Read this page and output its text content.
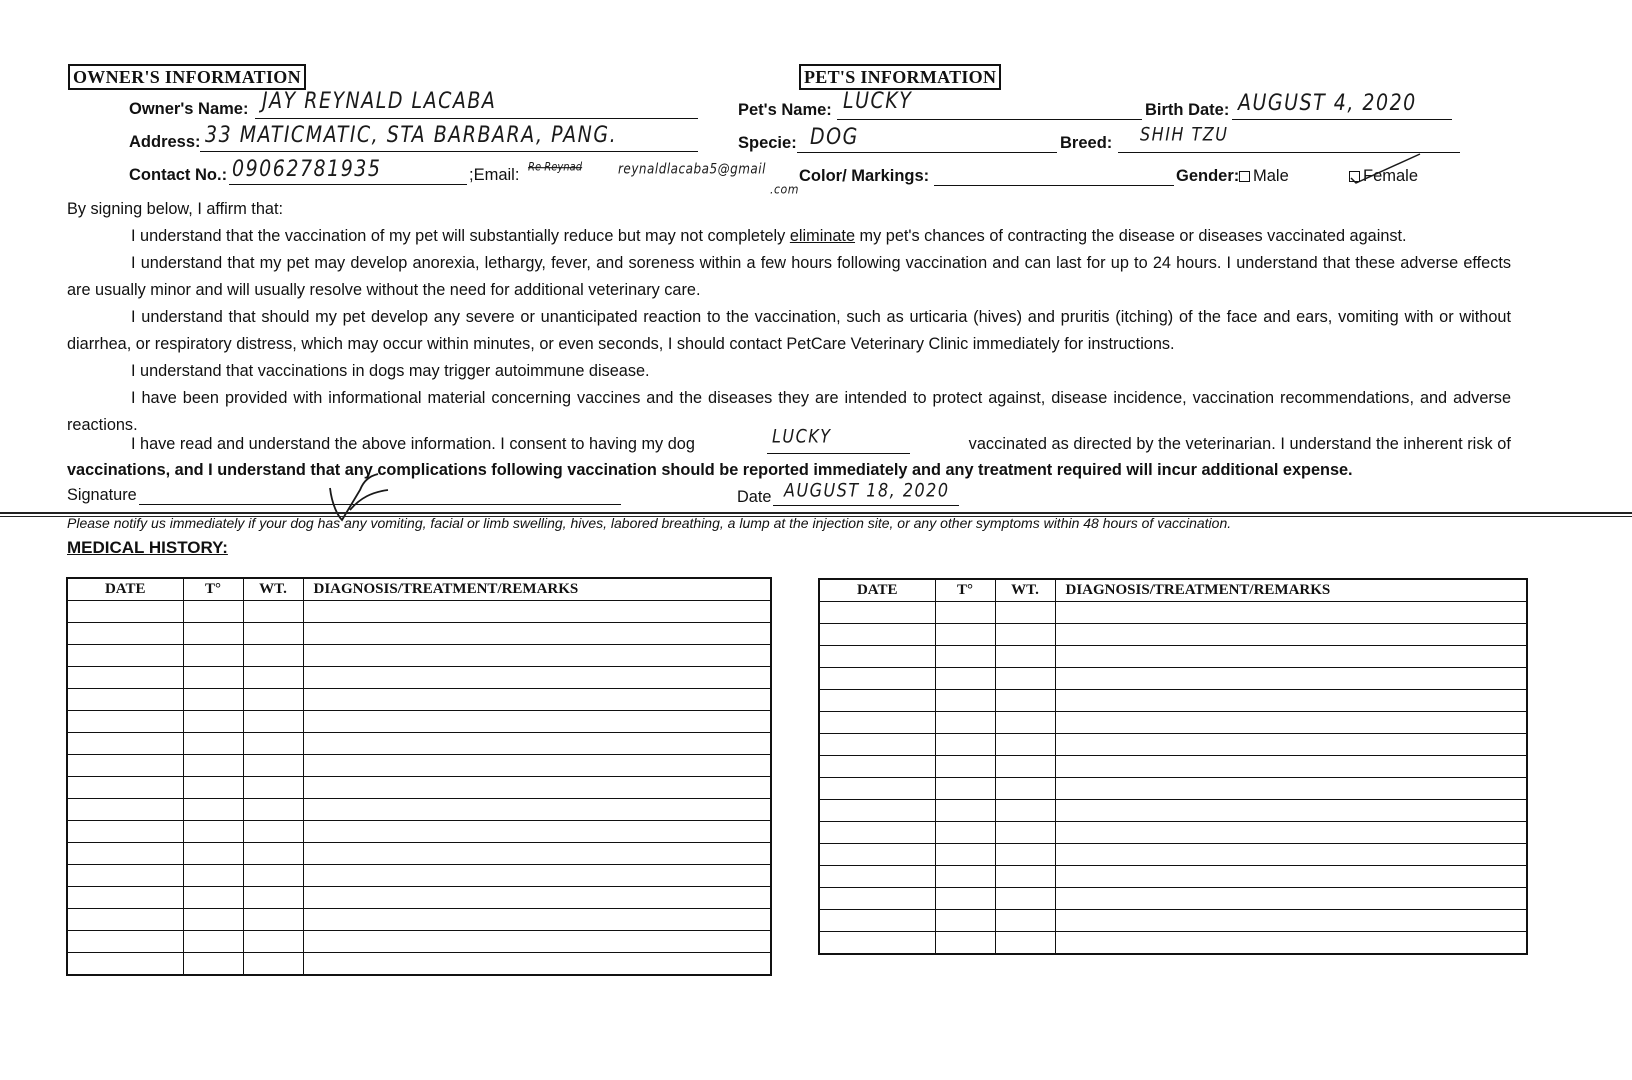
OWNER'S INFORMATION
Owner's Name: JAY REYNALD LACABA
Address: 33 MATICMATIC, STA BARBARA, PANG.
Contact No.: 09062781935	;Email: Re Reynad	reynaldlacaba5@gmail
.com
PET'S INFORMATION
Pet's Name: LUCKY	Birth Date: AUGUST 4, 2020
Specie: DOG	Breed: SHIH TZU
Color/ Markings:	Gender: Male	Female
By signing below, I affirm that:

I understand that the vaccination of my pet will substantially reduce but may not completely eliminate my pet's chances of contracting the disease or diseases vaccinated against.

I understand that my pet may develop anorexia, lethargy, fever, and soreness within a few hours following vaccination and can last for up to 24 hours. I understand that these adverse effects are usually minor and will usually resolve without the need for additional veterinary care.

I understand that should my pet develop any severe or unanticipated reaction to the vaccination, such as urticaria (hives) and pruritis (itching) of the face and ears, vomiting with or without diarrhea, or respiratory distress, which may occur within minutes, or even seconds, I should contact PetCare Veterinary Clinic immediately for instructions.

I understand that vaccinations in dogs may trigger autoimmune disease.

I have been provided with informational material concerning vaccines and the diseases they are intended to protect against, disease incidence, vaccination recommendations, and adverse reactions.

I have read and understand the above information. I consent to having my dog	LUCKY	vaccinated as directed by the veterinarian. I understand the inherent risk of
vaccinations, and I understand that any complications following vaccination should be reported immediately and any treatment required will incur additional expense.
Signature	Date AUGUST 18, 2020
Please notify us immediately if your dog has any vomiting, facial or limb swelling, hives, labored breathing, a lump at the injection site, or any other symptoms within 48 hours of vaccination.
MEDICAL HISTORY:
DATE	T°	WT.	DIAGNOSIS/TREATMENT/REMARKS

				DATE	T°	WT.	DIAGNOSIS/TREATMENT/REMARKS
